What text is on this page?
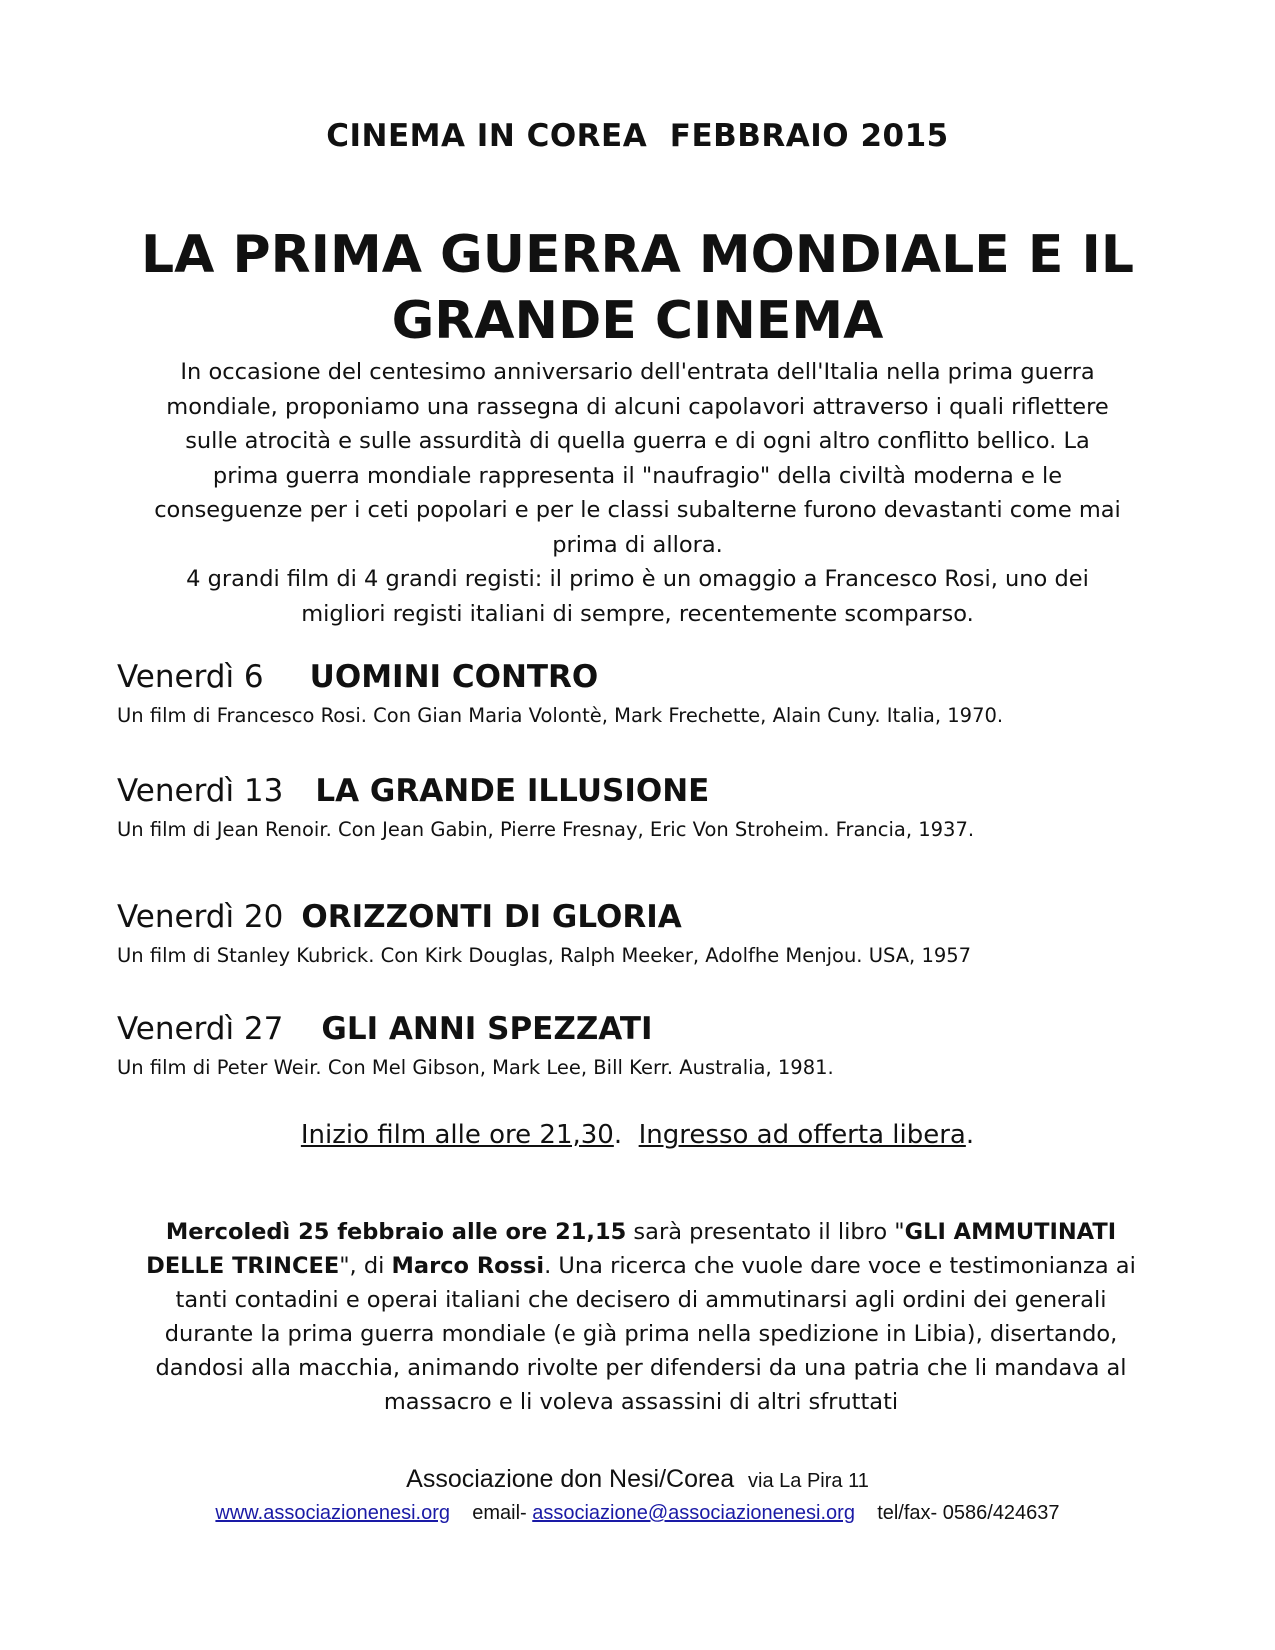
CINEMA IN COREA  FEBBRAIO 2015
LA PRIMA GUERRA MONDIALE E IL
GRANDE CINEMA

In occasione del centesimo anniversario dell'entrata dell'Italia nella prima guerra

mondiale, proponiamo una rassegna di alcuni capolavori attraverso i quali riflettere

sulle atrocità e sulle assurdità di quella guerra e di ogni altro conflitto bellico. La

prima guerra mondiale rappresenta il "naufragio" della civiltà moderna e le

conseguenze per i ceti popolari e per le classi subalterne furono devastanti come mai

prima di allora.

4 grandi film di 4 grandi registi: il primo è un omaggio a Francesco Rosi, uno dei

migliori registi italiani di sempre, recentemente scomparso.

Venerdì 6 UOMINI CONTRO
Un film di Francesco Rosi. Con Gian Maria Volontè, Mark Frechette, Alain Cuny. Italia, 1970.
Venerdì 13 LA GRANDE ILLUSIONE
Un film di Jean Renoir. Con Jean Gabin, Pierre Fresnay, Eric Von Stroheim. Francia, 1937.
Venerdì 20 ORIZZONTI DI GLORIA
Un film di Stanley Kubrick. Con Kirk Douglas, Ralph Meeker, Adolfhe Menjou. USA, 1957
Venerdì 27 GLI ANNI SPEZZATI
Un film di Peter Weir. Con Mel Gibson, Mark Lee, Bill Kerr. Australia, 1981.
Inizio film alle ore 21,30.  Ingresso ad offerta libera.
Mercoledì 25 febbraio alle ore 21,15 sarà presentato il libro "GLI AMMUTINATI
DELLE TRINCEE", di Marco Rossi. Una ricerca che vuole dare voce e testimonianza ai
tanti contadini e operai italiani che decisero di ammutinarsi agli ordini dei generali
durante la prima guerra mondiale (e già prima nella spedizione in Libia), disertando,
dandosi alla macchia, animando rivolte per difendersi da una patria che li mandava al
massacro e li voleva assassini di altri sfruttati
Associazione don Nesi/Corea via La Pira 11
www.associazionenesi.org email- associazione@associazionenesi.org tel/fax- 0586/424637
